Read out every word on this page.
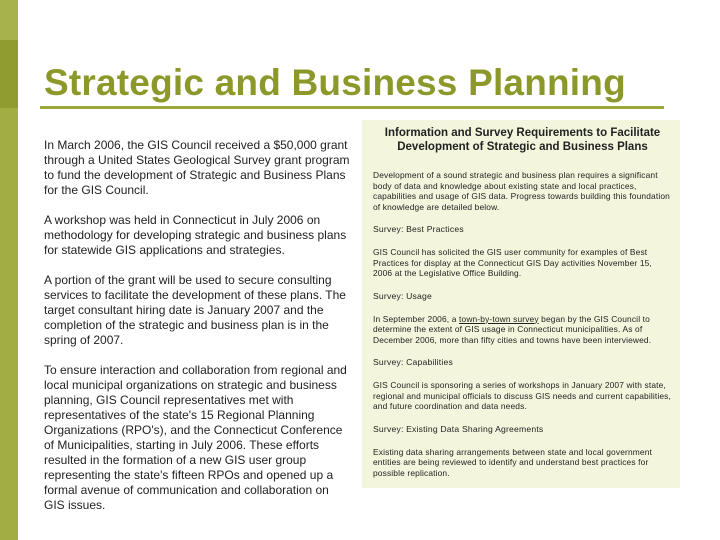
Strategic and Business Planning

In March 2006, the GIS Council received a $50,000 grant through a United States Geological Survey grant program to fund the development of Strategic and Business Plans for the GIS Council.

A workshop was held in Connecticut in July 2006 on methodology for developing strategic and business plans for statewide GIS applications and strategies.

A portion of the grant will be used to secure consulting services to facilitate the development of these plans. The target consultant hiring date is January 2007 and the completion of the strategic and business plan is in the spring of 2007.

To ensure interaction and collaboration from regional and local municipal organizations on strategic and business planning, GIS Council representatives met with representatives of the state's 15 Regional Planning Organizations (RPO's), and the Connecticut Conference of Municipalities, starting in July 2006. These efforts resulted in the formation of a new GIS user group representing the state's fifteen RPOs and opened up a formal avenue of communication and collaboration on GIS issues.

Information and Survey Requirements to Facilitate Development of Strategic and Business Plans
Development of a sound strategic and business plan requires a significant body of data and knowledge about existing state and local practices, capabilities and usage of GIS data. Progress towards building this foundation of knowledge are detailed below.
Survey: Best Practices
GIS Council has solicited the GIS user community for examples of Best Practices for display at the Connecticut GIS Day activities November 15, 2006 at the Legislative Office Building.
Survey: Usage
In September 2006, a town-by-town survey began by the GIS Council to determine the extent of GIS usage in Connecticut municipalities. As of December 2006, more than fifty cities and towns have been interviewed.
Survey: Capabilities
GIS Council is sponsoring a series of workshops in January 2007 with state, regional and municipal officials to discuss GIS needs and current capabilities, and future coordination and data needs.
Survey: Existing Data Sharing Agreements
Existing data sharing arrangements between state and local government entities are being reviewed to identify and understand best practices for possible replication.
